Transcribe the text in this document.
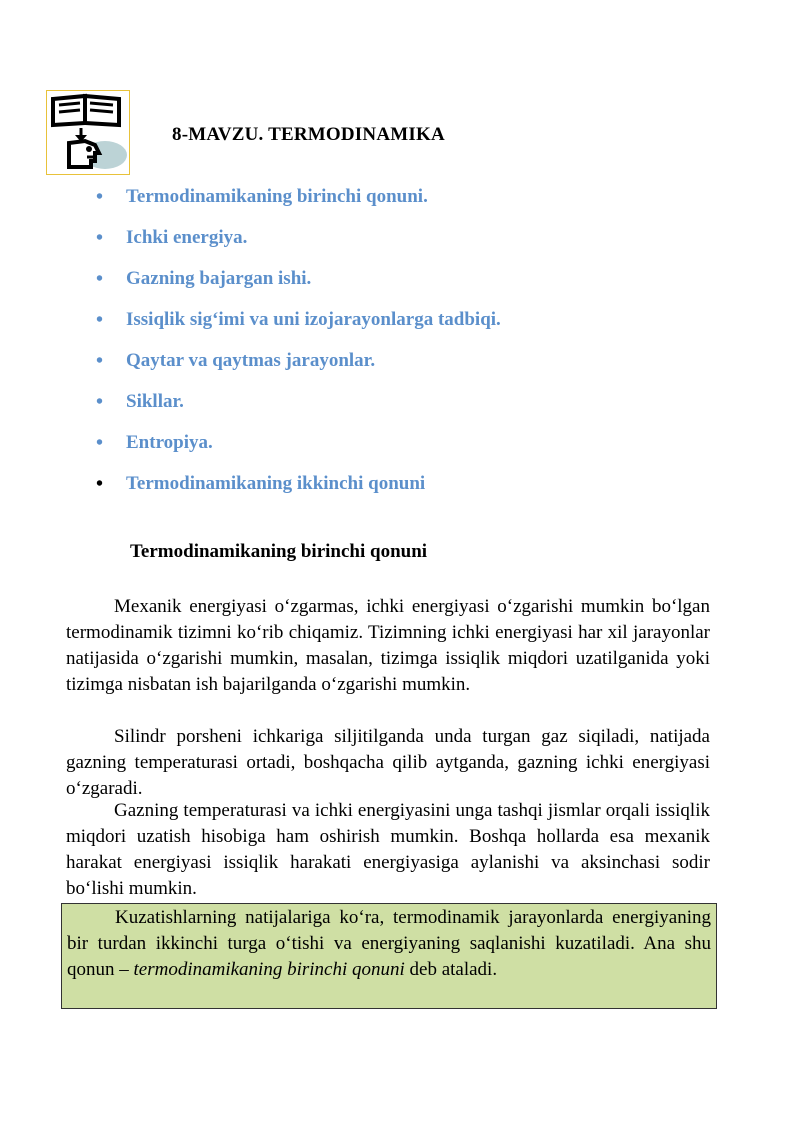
8-MAVZU. TERMODINAMIKA
•	Termodinamikaning birinchi qonuni.
•	Ichki energiya.
•	Gazning bajargan ishi.
•	Issiqlik sig‘imi va uni izojarayonlarga tadbiqi.
•	Qaytar va qaytmas jarayonlar.
•	Sikllar.
•	Entropiya.
•	Termodinamikaning ikkinchi qonuni
Termodinamikaning birinchi qonuni

Mexanik energiyasi o‘zgarmas, ichki energiyasi o‘zgarishi mumkin bo‘lgan termodinamik tizimni ko‘rib chiqamiz. Tizimning ichki energiyasi har xil jarayonlar natijasida o‘zgarishi mumkin, masalan, tizimga issiqlik miqdori uzatilganida yoki tizimga nisbatan ish bajarilganda o‘zgarishi mumkin.

Silindr porsheni ichkariga siljitilganda unda turgan gaz siqiladi, natijada gazning temperaturasi ortadi, boshqacha qilib aytganda, gazning ichki energiyasi o‘zgaradi.

Gazning temperaturasi va ichki energiyasini unga tashqi jismlar orqali issiqlik miqdori uzatish hisobiga ham oshirish mumkin. Boshqa hollarda esa mexanik harakat energiyasi issiqlik harakati energiyasiga aylanishi va aksinchasi sodir bo‘lishi mumkin.

Kuzatishlarning natijalariga ko‘ra, termodinamik jarayonlarda energiyaning bir turdan ikkinchi turga o‘tishi va energiyaning saqlanishi kuzatiladi. Ana shu qonun – termodinamikaning birinchi qonuni deb ataladi.
